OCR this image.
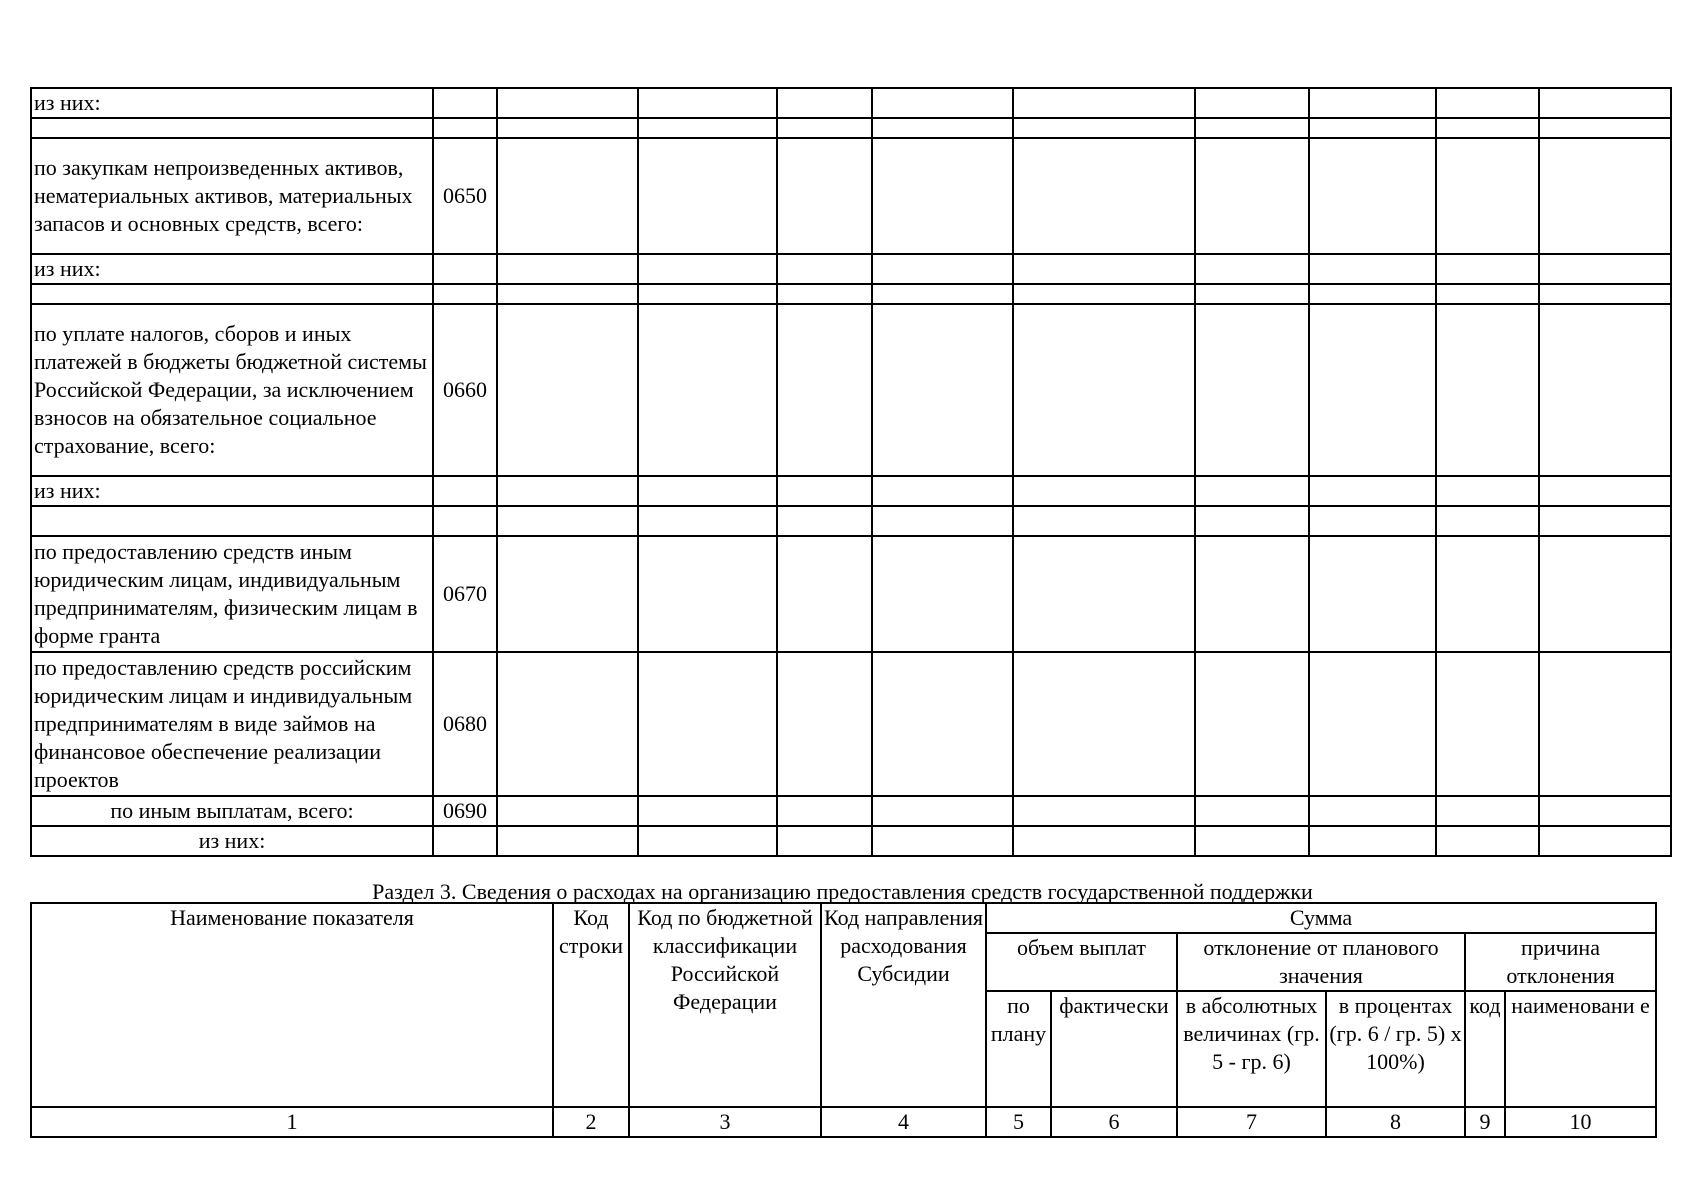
из них:										

по закупкам непроизведенных активов, нематериальных активов, материальных запасов и основных средств, всего:	0650									
из них:										

по уплате налогов, сборов и иных платежей в бюджеты бюджетной системы Российской Федерации, за исключением взносов на обязательное социальное страхование, всего:	0660									
из них:										

по предоставлению средств иным юридическим лицам, индивидуальным предпринимателям, физическим лицам в форме гранта	0670									
по предоставлению средств российским юридическим лицам и индивидуальным предпринимателям в виде займов на финансовое обеспечение реализации проектов	0680									
по иным выплатам, всего:	0690									
из них:										
Раздел 3. Сведения о расходах на организацию предоставления средств государственной поддержки
Наименование показателя	Код строки	Код по бюджетной классификации Российской Федерации	Код направления расходования Субсидии	Сумма					
				объем выплат		отклонение от планового значения		причина отклонения	
				по плану	фактически	в абсолютных величинах (гр. 5 - гр. 6)	в процентах (гр. 6 / гр. 5) x 100%)	код	наименовани е

1	2	3	4	5	6	7	8	9	10
